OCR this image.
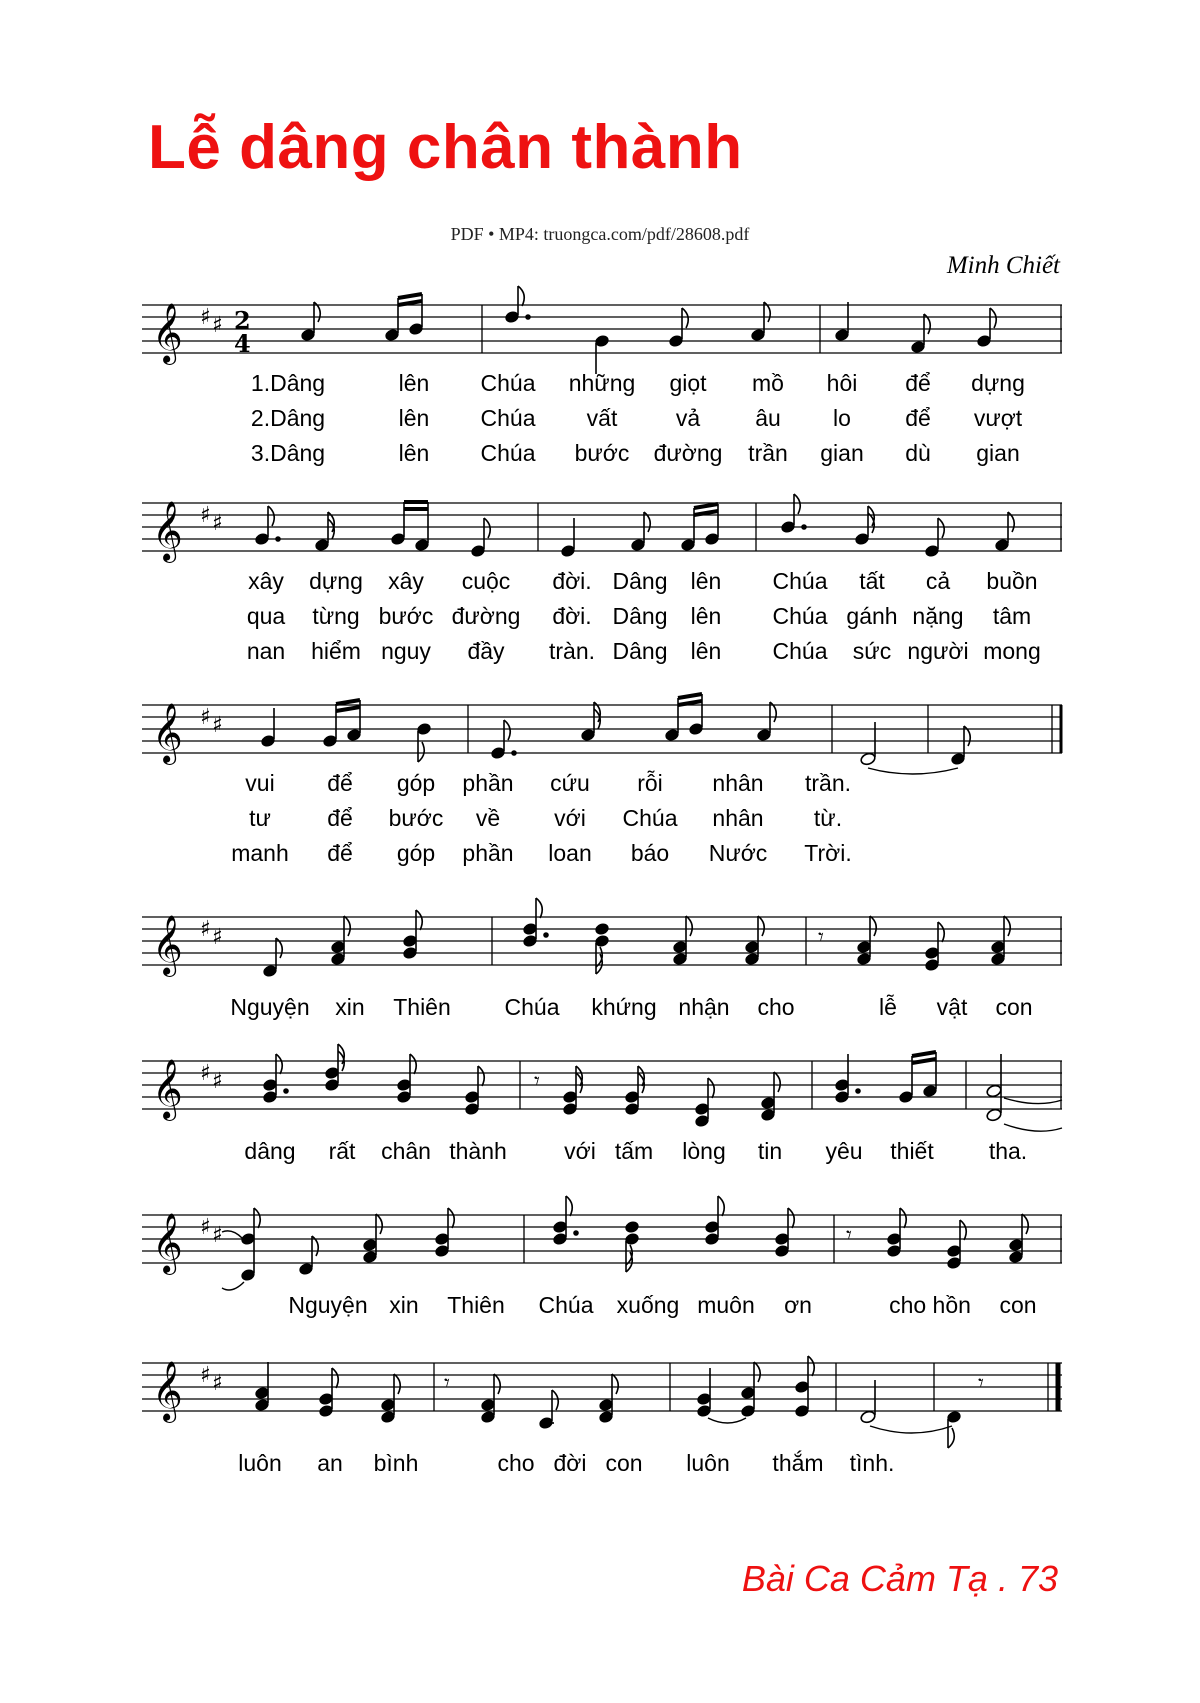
Lễ dâng chân thành
PDF • MP4: truongca.com/pdf/28608.pdf
Minh Chiết
𝄞 ♯ ♯ 2
4
1.Dâng	lên Chúa những giọt mồ hôi để dựng
2.Dâng	lên Chúa vất	vả âu lo để vượt
3.Dâng	lên Chúa bước đường trần gian dù gian
𝄞 ♯ ♯
xây dựng xây cuộc đời. Dâng lên Chúa tất cả buồn
qua từng bước đường đời. Dâng lên Chúa gánh nặng tâm
nan hiểm nguy đầy tràn. Dâng lên Chúa sức người mong
𝄞 ♯ ♯
vui để góp phần cứu rỗi nhân trần.
tư để bước về với Chúa nhân từ.
manh để góp phần loan báo Nước Trời.
𝄞 ♯ ♯	𝄾
Nguyện xin Thiên Chúa khứng nhận cho	lễ vật con
𝄞 ♯ ♯	𝄾
dâng rất chân thành với tấm lòng tin yêu thiết tha.
𝄞 ♯ ♯	𝄾
Nguyện xin Thiên Chúa xuống muôn ơn	cho hồn con
𝄞 ♯ ♯	𝄾	𝄾
luôn an bình	cho đời con luôn thắm tình.
Bài Ca Cảm Tạ . 73
